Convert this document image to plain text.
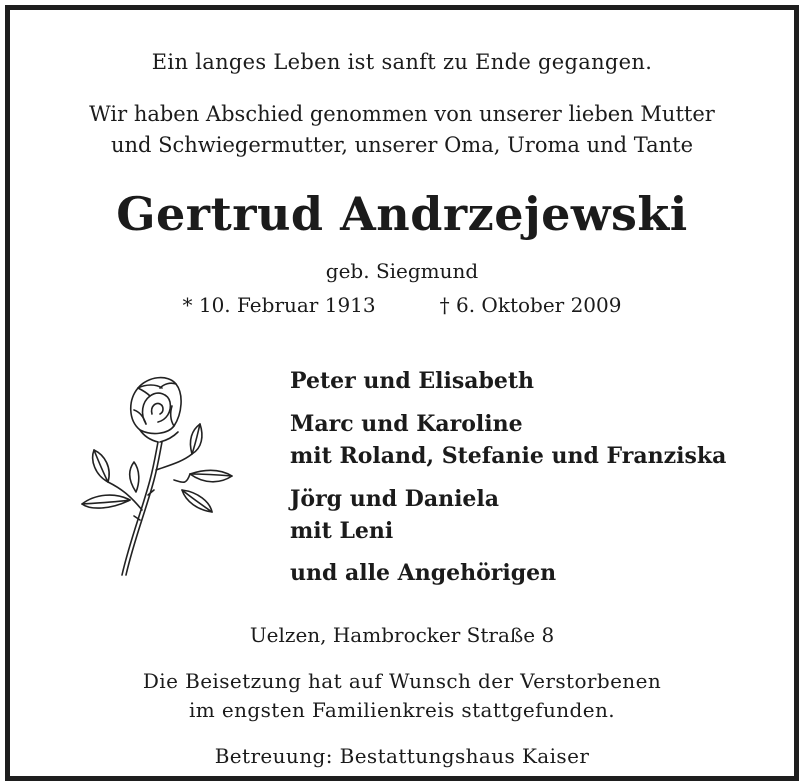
Ein langes Leben ist sanft zu Ende gegangen.
Wir haben Abschied genommen von unserer lieben Mutter
und Schwiegermutter, unserer Oma, Uroma und Tante
Gertrud Andrzejewski
geb. Siegmund
* 10. Februar 1913	† 6. Oktober 2009
Peter und Elisabeth
Marc und Karoline
mit Roland, Stefanie und Franziska
Jörg und Daniela
mit Leni
und alle Angehörigen
Uelzen, Hambrocker Straße 8
Die Beisetzung hat auf Wunsch der Verstorbenen
im engsten Familienkreis stattgefunden.
Betreuung: Bestattungshaus Kaiser
